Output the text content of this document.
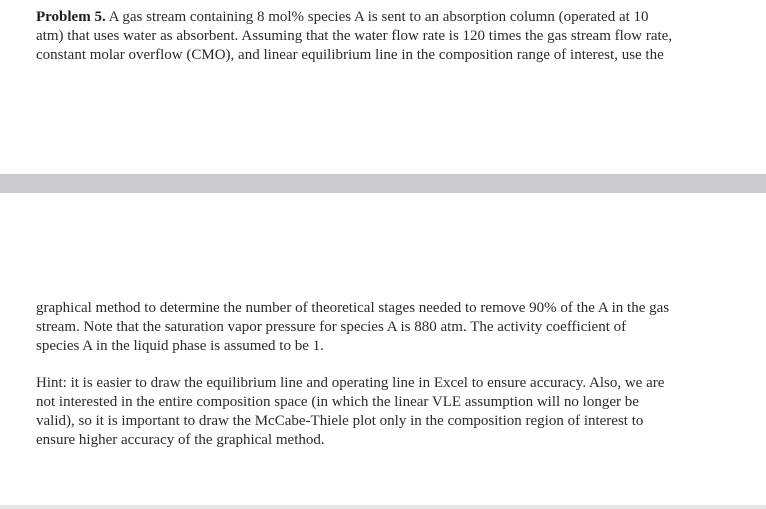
Problem 5. A gas stream containing 8 mol% species A is sent to an absorption column (operated at 10
atm) that uses water as absorbent. Assuming that the water flow rate is 120 times the gas stream flow rate,
constant molar overflow (CMO), and linear equilibrium line in the composition range of interest, use the
graphical method to determine the number of theoretical stages needed to remove 90% of the A in the gas
stream. Note that the saturation vapor pressure for species A is 880 atm. The activity coefficient of
species A in the liquid phase is assumed to be 1.
Hint: it is easier to draw the equilibrium line and operating line in Excel to ensure accuracy. Also, we are
not interested in the entire composition space (in which the linear VLE assumption will no longer be
valid), so it is important to draw the McCabe-Thiele plot only in the composition region of interest to
ensure higher accuracy of the graphical method.
